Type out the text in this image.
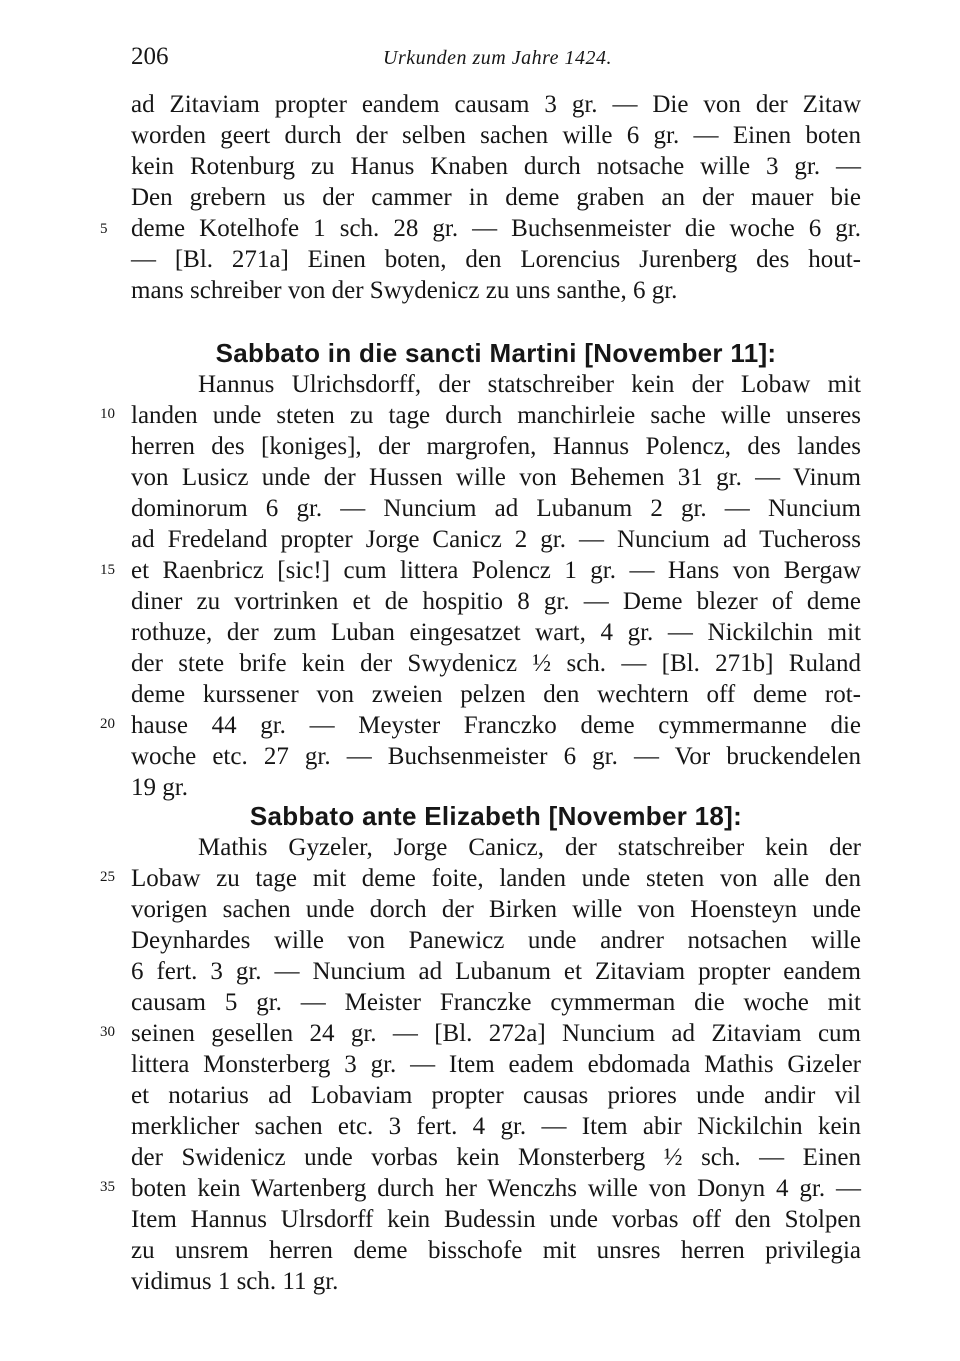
206	Urkunden zum Jahre 1424.
ad Zitaviam propter eandem causam 3 gr. — Die von der Zitaw
worden geert durch der selben sachen wille 6 gr. — Einen boten
kein Rotenburg zu Hanus Knaben durch notsache wille 3 gr. —
Den grebern us der cammer in deme graben an der mauer bie
deme Kotelhofe 1 sch. 28 gr. — Buchsenmeister die woche 6 gr.
— [Bl. 271a] Einen boten, den Lorencius Jurenberg des hout-
mans schreiber von der Swydenicz zu uns santhe, 6 gr.
Sabbato in die sancti Martini [November 11]:
Hannus Ulrichsdorff, der statschreiber kein der Lobaw mit
landen unde steten zu tage durch manchirleie sache wille unseres
herren des [koniges], der margrofen, Hannus Polencz, des landes
von Lusicz unde der Hussen wille von Behemen 31 gr. — Vinum
dominorum 6 gr. — Nuncium ad Lubanum 2 gr. — Nuncium
ad Fredeland propter Jorge Canicz 2 gr. — Nuncium ad Tucheross
et Raenbricz [sic!] cum littera Polencz 1 gr. — Hans von Bergaw
diner zu vortrinken et de hospitio 8 gr. — Deme blezer of deme
rothuze, der zum Luban eingesatzet wart, 4 gr. — Nickilchin mit
der stete brife kein der Swydenicz ½ sch. — [Bl. 271b] Ruland
deme kurssener von zweien pelzen den wechtern off deme rot-
hause 44 gr. — Meyster Franczko deme cymmermanne die
woche etc. 27 gr. — Buchsenmeister 6 gr. — Vor bruckendelen
19 gr.
Sabbato ante Elizabeth [November 18]:
Mathis Gyzeler, Jorge Canicz, der statschreiber kein der
Lobaw zu tage mit deme foite, landen unde steten von alle den
vorigen sachen unde dorch der Birken wille von Hoensteyn unde
Deynhardes wille von Panewicz unde andrer notsachen wille
6 fert. 3 gr. — Nuncium ad Lubanum et Zitaviam propter eandem
causam 5 gr. — Meister Franczke cymmerman die woche mit
seinen gesellen 24 gr. — [Bl. 272a] Nuncium ad Zitaviam cum
littera Monsterberg 3 gr. — Item eadem ebdomada Mathis Gizeler
et notarius ad Lobaviam propter causas priores unde andir vil
merklicher sachen etc. 3 fert. 4 gr. — Item abir Nickilchin kein
der Swidenicz unde vorbas kein Monsterberg ½ sch. — Einen
boten kein Wartenberg durch her Wenczhs wille von Donyn 4 gr. —
Item Hannus Ulrsdorff kein Budessin unde vorbas off den Stolpen
zu unsrem herren deme bisschofe mit unsres herren privilegia
vidimus 1 sch. 11 gr.
5
10
15
20
25
30
35
